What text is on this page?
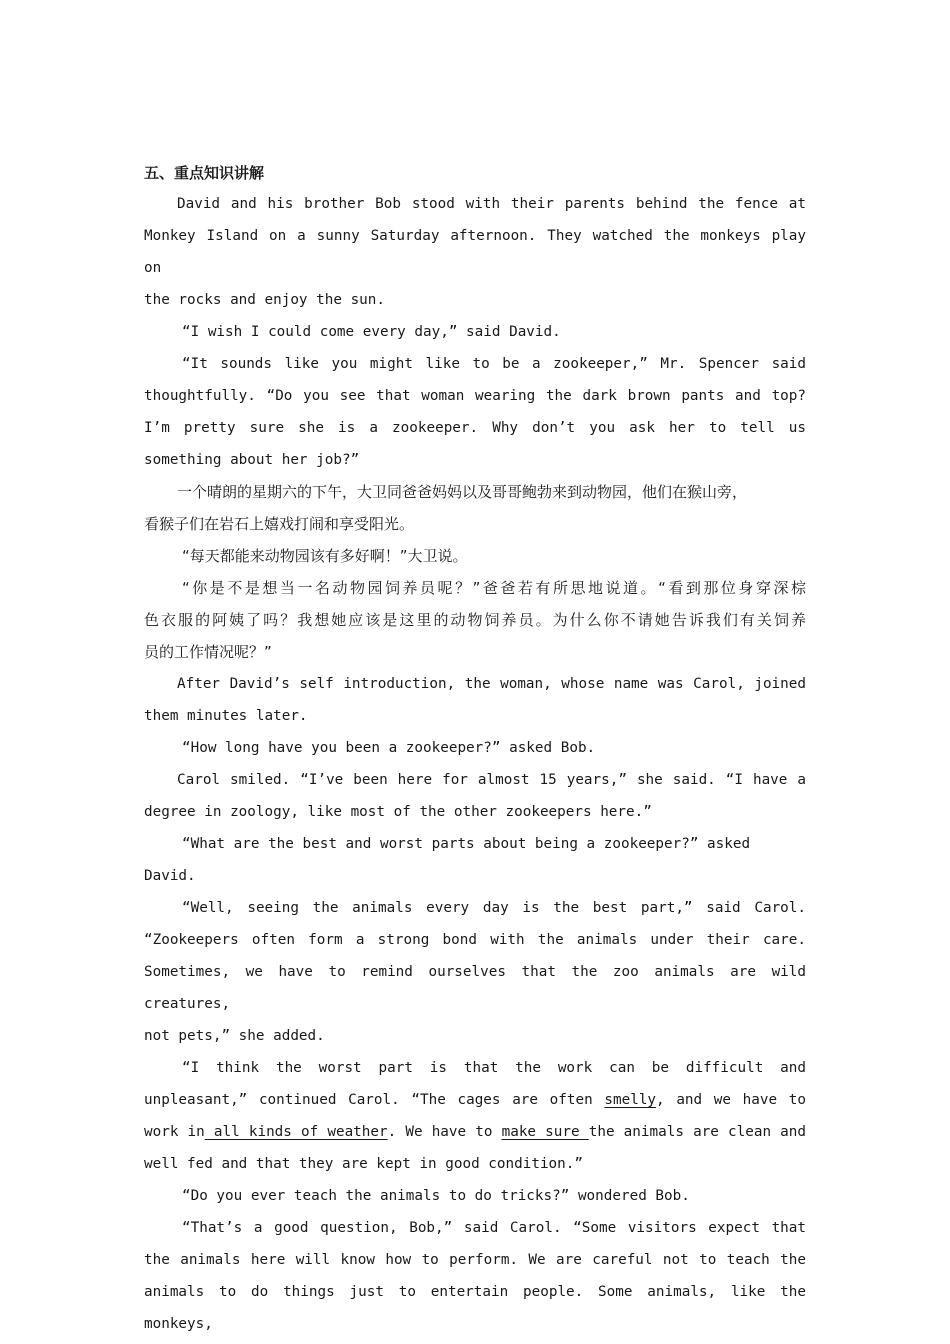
五、重点知识讲解

David and his brother Bob stood with their parents behind the fence at

Monkey Island on a sunny Saturday afternoon. They watched the monkeys play on

the rocks and enjoy the sun.

“I wish I could come every day,” said David.

“It sounds like you might like to be a zookeeper,” Mr. Spencer said

thoughtfully. “Do you see that woman wearing the dark brown pants and top?

I’m pretty sure she is a zookeeper. Why don’t you ask her to tell us

something about her job?”

一个晴朗的星期六的下午，大卫同爸爸妈妈以及哥哥鲍勃来到动物园，他们在猴山旁，

看猴子们在岩石上嬉戏打闹和享受阳光。

“每天都能来动物园该有多好啊！”大卫说。

“你是不是想当一名动物园饲养员呢？”爸爸若有所思地说道。“看到那位身穿深棕

色衣服的阿姨了吗？我想她应该是这里的动物饲养员。为什么你不请她告诉我们有关饲养

员的工作情况呢？”

After David’s self introduction, the woman, whose name was Carol, joined

them minutes later.

“How long have you been a zookeeper?” asked Bob.

Carol smiled. “I’ve been here for almost 15 years,” she said. “I have a

degree in zoology, like most of the other zookeepers here.”

“What are the best and worst parts about being a zookeeper?” asked David.

“Well, seeing the animals every day is the best part,” said Carol.

“Zookeepers often form a strong bond with the animals under their care.

Sometimes, we have to remind ourselves that the zoo animals are wild creatures,

not pets,” she added.

“I think the worst part is that the work can be difficult and

unpleasant,” continued Carol. “The cages are often smelly, and we have to

work in all kinds of weather. We have to make sure the animals are clean and

well fed and that they are kept in good condition.”

“Do you ever teach the animals to do tricks?” wondered Bob.

“That’s a good question, Bob,” said Carol. “Some visitors expect that

the animals here will know how to perform. We are careful not to teach the

animals to do things just to entertain people. Some animals, like the monkeys,
